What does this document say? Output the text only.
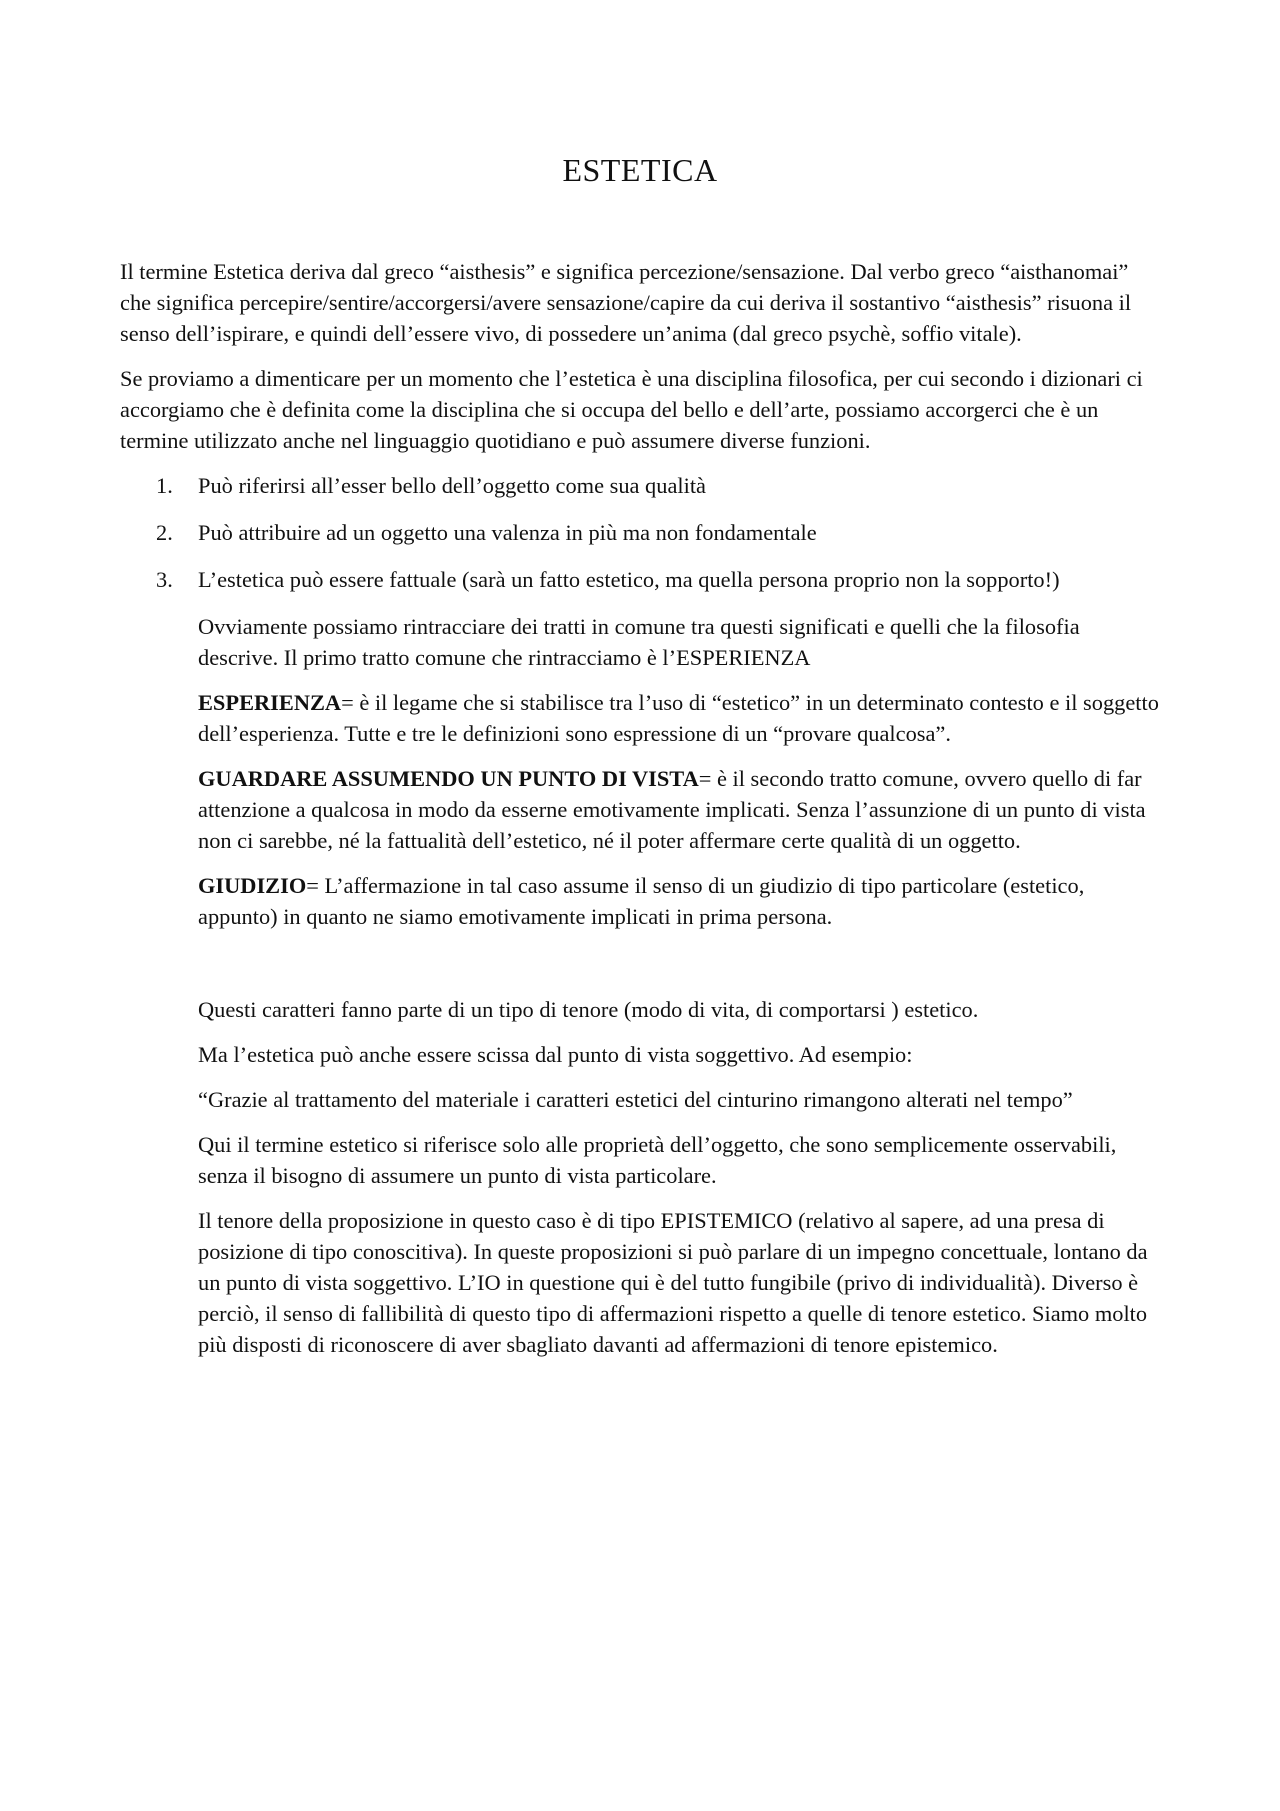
ESTETICA

Il termine Estetica deriva dal greco “aisthesis” e significa percezione/sensazione. Dal verbo greco “aisthanomai” che significa percepire/sentire/accorgersi/avere sensazione/capire da cui deriva il sostantivo “aisthesis” risuona il senso dell’ispirare, e quindi dell’essere vivo, di possedere un’anima (dal greco psychè, soffio vitale).

Se proviamo a dimenticare per un momento che l’estetica è una disciplina filosofica, per cui secondo i dizionari ci accorgiamo che è definita come la disciplina che si occupa del bello e dell’arte, possiamo accorgerci che è un termine utilizzato anche nel linguaggio quotidiano e può assumere diverse funzioni.

1.	Può riferirsi all’esser bello dell’oggetto come sua qualità
2.	Può attribuire ad un oggetto una valenza in più ma non fondamentale
3.	L’estetica può essere fattuale (sarà un fatto estetico, ma quella persona proprio non la sopporto!)

Ovviamente possiamo rintracciare dei tratti in comune tra questi significati e quelli che la filosofia descrive. Il primo tratto comune che rintracciamo è l’ESPERIENZA

ESPERIENZA= è il legame che si stabilisce tra l’uso di “estetico” in un determinato contesto e il soggetto dell’esperienza. Tutte e tre le definizioni sono espressione di un “provare qualcosa”.

GUARDARE ASSUMENDO UN PUNTO DI VISTA= è il secondo tratto comune, ovvero quello di far attenzione a qualcosa in modo da esserne emotivamente implicati. Senza l’assunzione di un punto di vista non ci sarebbe, né la fattualità dell’estetico, né il poter affermare certe qualità di un oggetto.

GIUDIZIO= L’affermazione in tal caso assume il senso di un giudizio di tipo particolare (estetico, appunto) in quanto ne siamo emotivamente implicati in prima persona.

Questi caratteri fanno parte di un tipo di tenore (modo di vita, di comportarsi ) estetico.

Ma l’estetica può anche essere scissa dal punto di vista soggettivo. Ad esempio:

“Grazie al trattamento del materiale i caratteri estetici del cinturino rimangono alterati nel tempo”

Qui il termine estetico si riferisce solo alle proprietà dell’oggetto, che sono semplicemente osservabili, senza il bisogno di assumere un punto di vista particolare.

Il tenore della proposizione in questo caso è di tipo EPISTEMICO (relativo al sapere, ad una presa di posizione di tipo conoscitiva). In queste proposizioni si può parlare di un impegno concettuale, lontano da un punto di vista soggettivo. L’IO in questione qui è del tutto fungibile (privo di individualità). Diverso è perciò, il senso di fallibilità di questo tipo di affermazioni rispetto a quelle di tenore estetico. Siamo molto più disposti di riconoscere di aver sbagliato davanti ad affermazioni di tenore epistemico.
